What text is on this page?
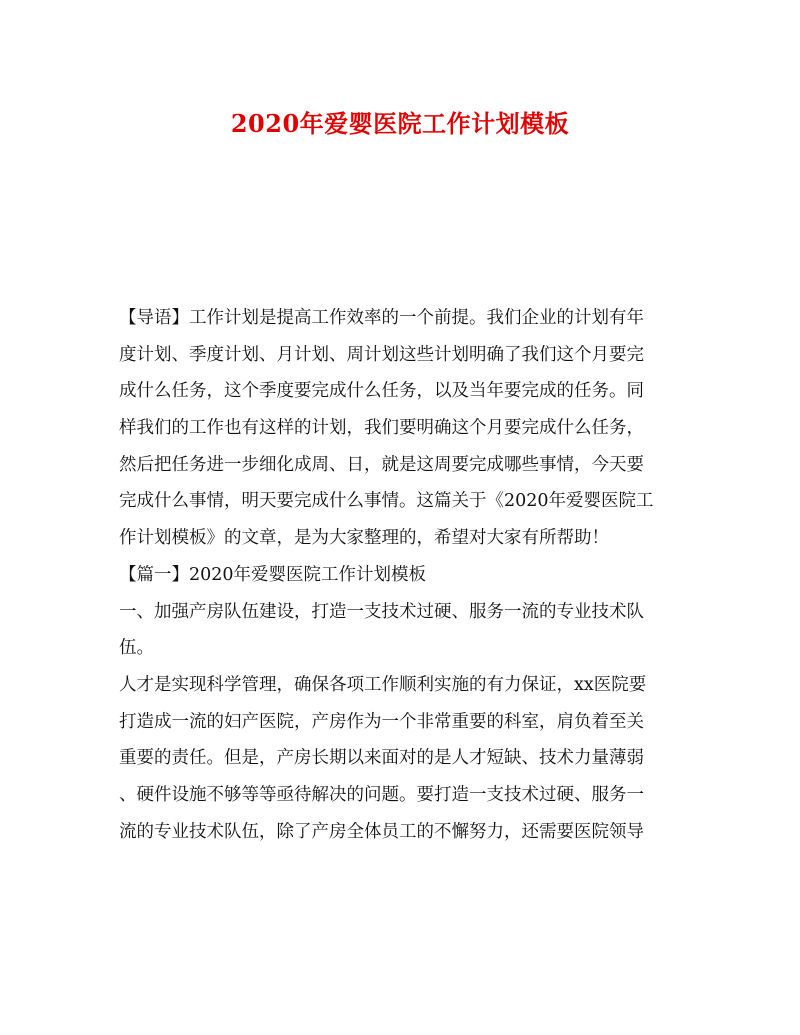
2020年爱婴医院工作计划模板
【导语】工作计划是提高工作效率的一个前提。我们企业的计划有年
度计划、季度计划、月计划、周计划这些计划明确了我们这个月要完
成什么任务，这个季度要完成什么任务，以及当年要完成的任务。同
样我们的工作也有这样的计划，我们要明确这个月要完成什么任务，
然后把任务进一步细化成周、日，就是这周要完成哪些事情，今天要
完成什么事情，明天要完成什么事情。这篇关于《2020年爱婴医院工
作计划模板》的文章，是为大家整理的，希望对大家有所帮助！
【篇一】2020年爱婴医院工作计划模板
一、加强产房队伍建设，打造一支技术过硬、服务一流的专业技术队
伍。
人才是实现科学管理，确保各项工作顺利实施的有力保证，xx医院要
打造成一流的妇产医院，产房作为一个非常重要的科室，肩负着至关
重要的责任。但是，产房长期以来面对的是人才短缺、技术力量薄弱
、硬件设施不够等等亟待解决的问题。要打造一支技术过硬、服务一
流的专业技术队伍，除了产房全体员工的不懈努力，还需要医院领导
